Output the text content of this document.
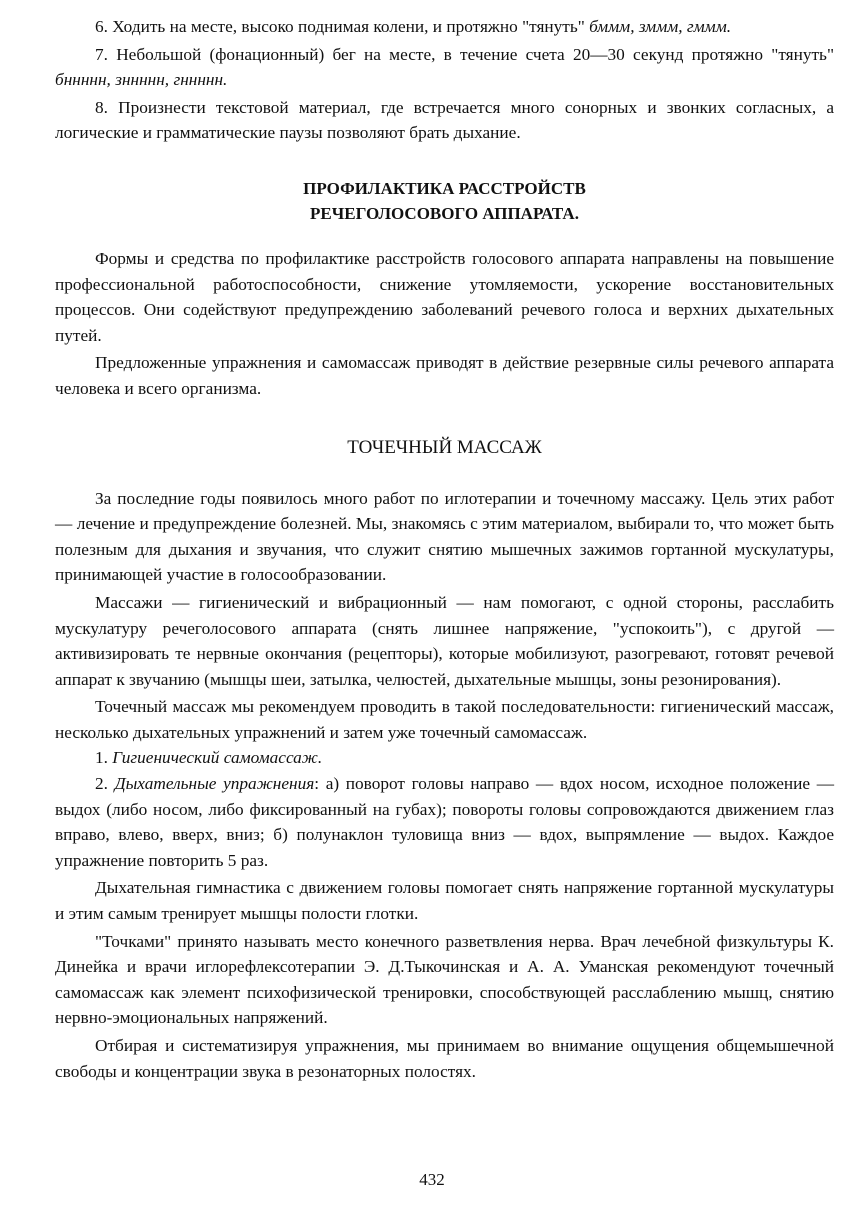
6. Ходить на месте, высоко поднимая колени, и протяжно "тянуть" бммм, зммм, гммм.

7. Небольшой (фонационный) бег на месте, в течение счета 20—30 секунд протяжно "тянуть" бннннн, зннннн, гннннн.

8. Произнести текстовой материал, где встречается много сонорных и звонких согласных, а логические и грамматические паузы позволяют брать дыхание.

ПРОФИЛАКТИКА РАССТРОЙСТВ
РЕЧЕГОЛОСОВОГО АППАРАТА.

Формы и средства по профилактике расстройств голосового аппарата направлены на повышение профессиональной работоспособности, снижение утомляемости, ускорение восстановительных процессов. Они содействуют предупреждению заболеваний речевого голоса и верхних дыхательных путей.

Предложенные упражнения и самомассаж приводят в действие резервные силы речевого аппарата человека и всего организма.

ТОЧЕЧНЫЙ МАССАЖ

За последние годы появилось много работ по иглотерапии и точечному массажу. Цель этих работ — лечение и предупреждение болезней. Мы, знакомясь с этим материалом, выбирали то, что может быть полезным для дыхания и звучания, что служит снятию мышечных зажимов гортанной мускулатуры, принимающей участие в голосообразовании.

Массажи — гигиенический и вибрационный — нам помогают, с одной стороны, расслабить мускулатуру речеголосового аппарата (снять лишнее напряжение, "успокоить"), с другой — активизировать те нервные окончания (рецепторы), которые мобилизуют, разогревают, готовят речевой аппарат к звучанию (мышцы шеи, затылка, челюстей, дыхательные мышцы, зоны резонирования).

Точечный массаж мы рекомендуем проводить в такой последовательности: гигиенический массаж, несколько дыхательных упражнений и затем уже точечный самомассаж.

1. Гигиенический самомассаж.

2. Дыхательные упражнения: а) поворот головы направо — вдох носом, исходное положение — выдох (либо носом, либо фиксированный на губах); повороты головы сопровождаются движением глаз вправо, влево, вверх, вниз; б) полунаклон туловища вниз — вдох, выпрямление — выдох. Каждое упражнение повторить 5 раз.

Дыхательная гимнастика с движением головы помогает снять напряжение гортанной мускулатуры и этим самым тренирует мышцы полости глотки.

"Точками" принято называть место конечного разветвления нерва. Врач лечебной физкультуры К. Динейка и врачи иглорефлексотерапии Э. Д.Тыкочинская и А. А. Уманская рекомендуют точечный самомассаж как элемент психофизической тренировки, способствующей расслаблению мышц, снятию нервно-эмоциональных напряжений.

Отбирая и систематизируя упражнения, мы принимаем во внимание ощущения общемышечной свободы и концентрации звука в резонаторных полостях.

432
